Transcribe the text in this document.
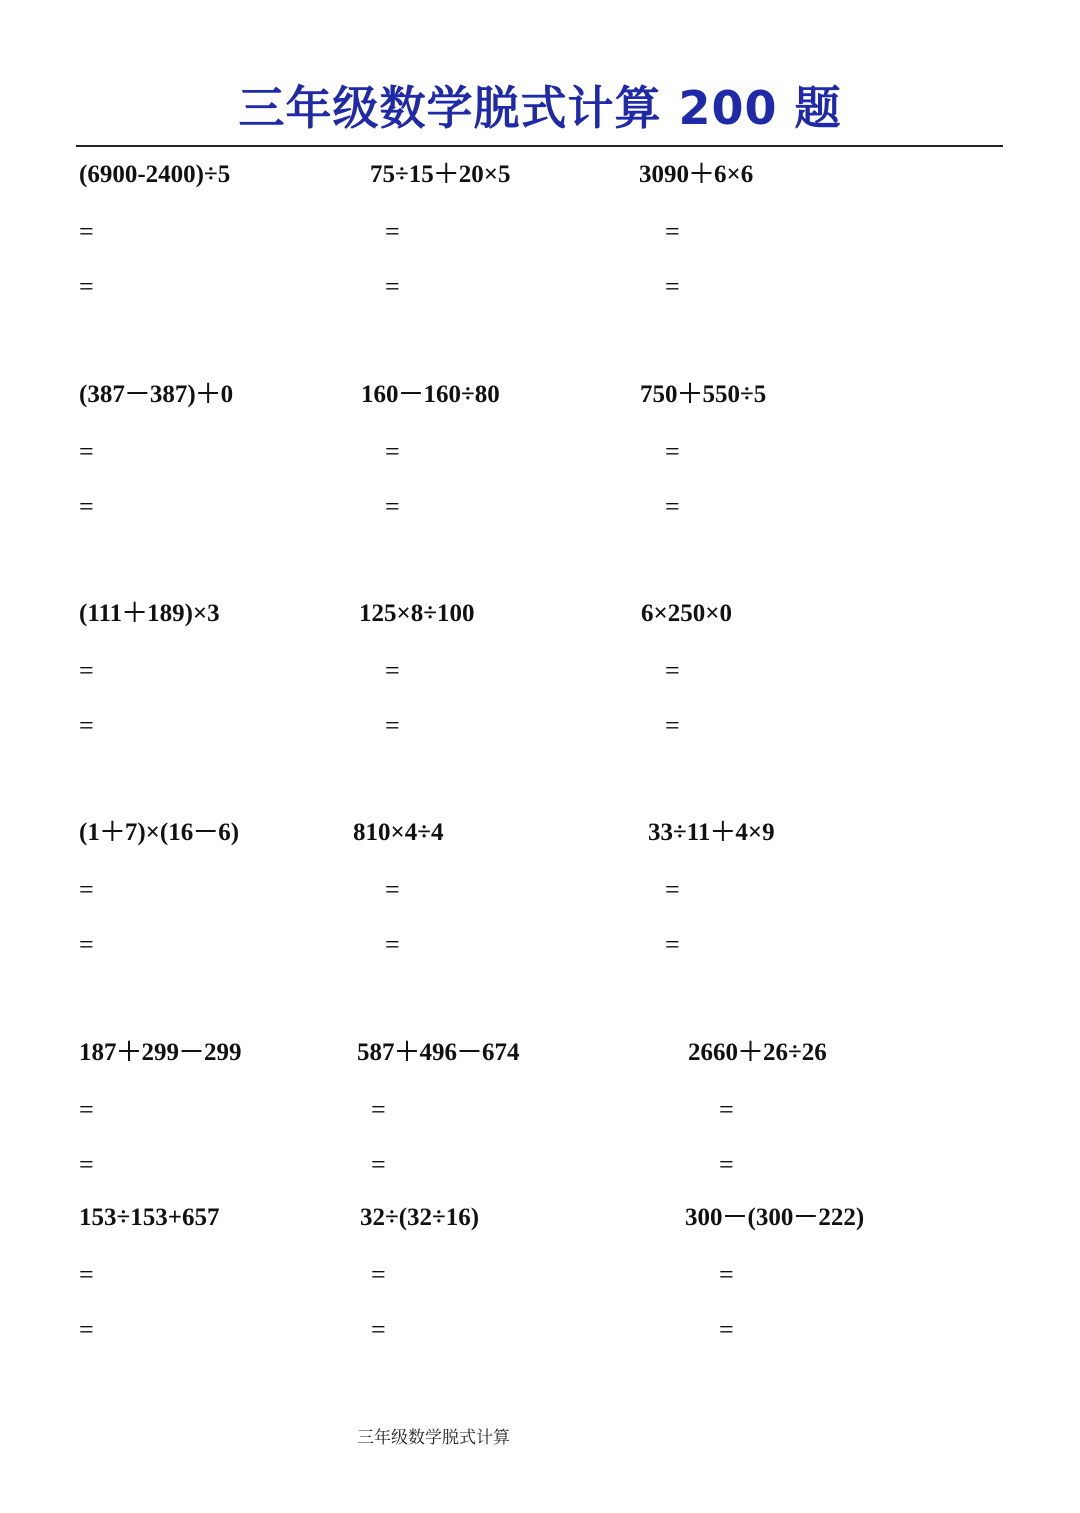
三年级数学脱式计算 200 题
(6900-2400)÷5
=
=
75÷15＋20×5
=
=
3090＋6×6
=
=
(387－387)＋0
=
=
160－160÷80
=
=
750＋550÷5
=
=
(111＋189)×3
=
=
125×8÷100
=
=
6×250×0
=
=
(1＋7)×(16－6)
=
=
810×4÷4
=
=
33÷11＋4×9
=
=
187＋299－299
=
=
587＋496－674
=
=
2660＋26÷26
=
=
153÷153+657
=
=
32÷(32÷16)
=
=
300－(300－222)
=
=
三年级数学脱式计算
